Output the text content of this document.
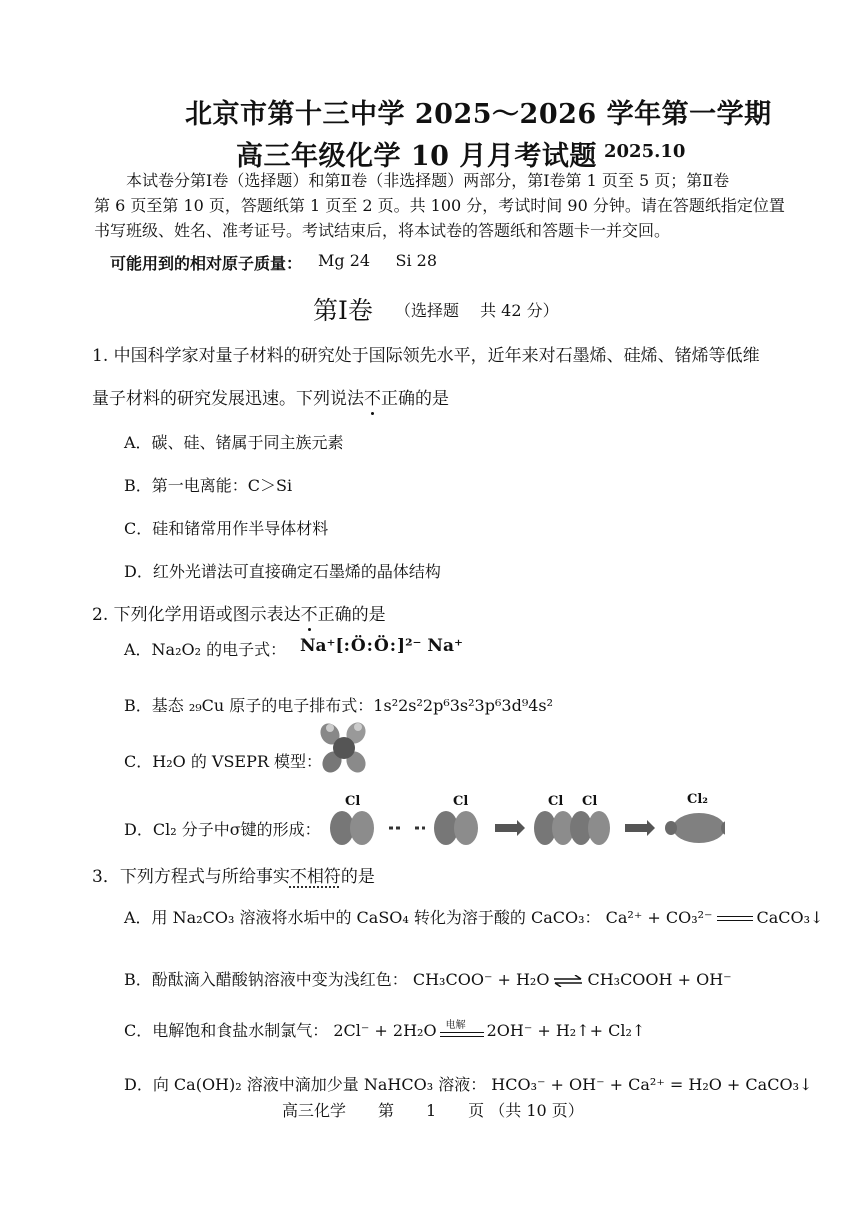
北京市第十三中学 2025～2026 学年第一学期
高三年级化学 10 月月考试题 2025.10
本试卷分第Ⅰ卷（选择题）和第Ⅱ卷（非选择题）两部分，第Ⅰ卷第 1 页至 5 页；第Ⅱ卷
第 6 页至第 10 页，答题纸第 1 页至 2 页。共 100 分，考试时间 90 分钟。请在答题纸指定位置
书写班级、姓名、准考证号。考试结束后，将本试卷的答题纸和答题卡一并交回。
可能用到的相对原子质量： Mg 24     Si 28
第Ⅰ卷 （选择题　 共 42 分）
1. 中国科学家对量子材料的研究处于国际领先水平，近年来对石墨烯、硅烯、锗烯等低维
量子材料的研究发展迅速。下列说法不正确的是
A．碳、硅、锗属于同主族元素
B．第一电离能：C＞Si
C．硅和锗常用作半导体材料
D．红外光谱法可直接确定石墨烯的晶体结构
2. 下列化学用语或图示表达不正确的是
A．Na₂O₂ 的电子式： Na⁺[:Ö:Ö:]²⁻ Na⁺
B．基态 ₂₉Cu 原子的电子排布式：1s²2s²2p⁶3s²3p⁶3d⁹4s²
C．H₂O 的 VSEPR 模型：
D．Cl₂ 分子中σ键的形成：
Cl	Cl	Cl Cl	Cl₂
3．下列方程式与所给事实不相符的是
A．用 Na₂CO₃ 溶液将水垢中的 CaSO₄ 转化为溶于酸的 CaCO₃： Ca²⁺ + CO₃²⁻	CaCO₃↓
B．酚酞滴入醋酸钠溶液中变为浅红色： CH₃COO⁻ + H₂O ⇌ CH₃COOH + OH⁻
C．电解饱和食盐水制氯气： 2Cl⁻ + 2H₂O 电解 2OH⁻ + H₂↑+ Cl₂↑
D．向 Ca(OH)₂ 溶液中滴加少量 NaHCO₃ 溶液： HCO₃⁻ + OH⁻ + Ca²⁺ = H₂O + CaCO₃↓
高三化学　　第　　1　　页 （共 10 页）
